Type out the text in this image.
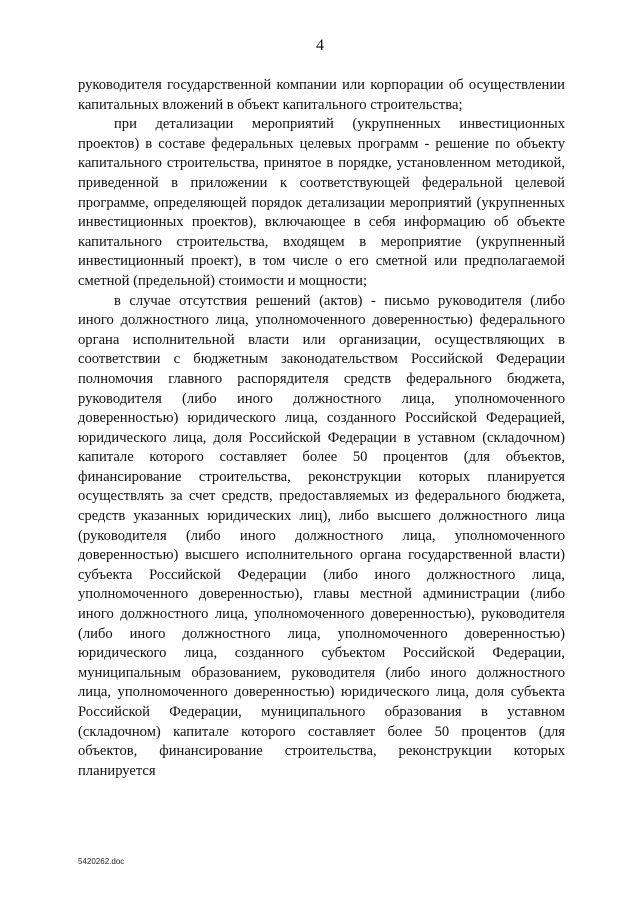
4

руководителя государственной компании или корпорации об осуществлении капитальных вложений в объект капитального строительства;

при детализации мероприятий (укрупненных инвестиционных проектов) в составе федеральных целевых программ - решение по объекту капитального строительства, принятое в порядке, установленном методикой, приведенной в приложении к соответствующей федеральной целевой программе, определяющей порядок детализации мероприятий (укрупненных инвестиционных проектов), включающее в себя информацию об объекте капитального строительства, входящем в мероприятие (укрупненный инвестиционный проект), в том числе о его сметной или предполагаемой сметной (предельной) стоимости и мощности;

в случае отсутствия решений (актов) - письмо руководителя (либо иного должностного лица, уполномоченного доверенностью) федерального органа исполнительной власти или организации, осуществляющих в соответствии с бюджетным законодательством Российской Федерации полномочия главного распорядителя средств федерального бюджета, руководителя (либо иного должностного лица, уполномоченного доверенностью) юридического лица, созданного Российской Федерацией, юридического лица, доля Российской Федерации в уставном (складочном) капитале которого составляет более 50 процентов (для объектов, финансирование строительства, реконструкции которых планируется осуществлять за счет средств, предоставляемых из федерального бюджета, средств указанных юридических лиц), либо высшего должностного лица (руководителя (либо иного должностного лица, уполномоченного доверенностью) высшего исполнительного органа государственной власти) субъекта Российской Федерации (либо иного должностного лица, уполномоченного доверенностью), главы местной администрации (либо иного должностного лица, уполномоченного доверенностью), руководителя (либо иного должностного лица, уполномоченного доверенностью) юридического лица, созданного субъектом Российской Федерации, муниципальным образованием, руководителя (либо иного должностного лица, уполномоченного доверенностью) юридического лица, доля субъекта Российской Федерации, муниципального образования в уставном (складочном) капитале которого составляет более 50 процентов (для объектов, финансирование строительства, реконструкции которых планируется

5420262.doc
